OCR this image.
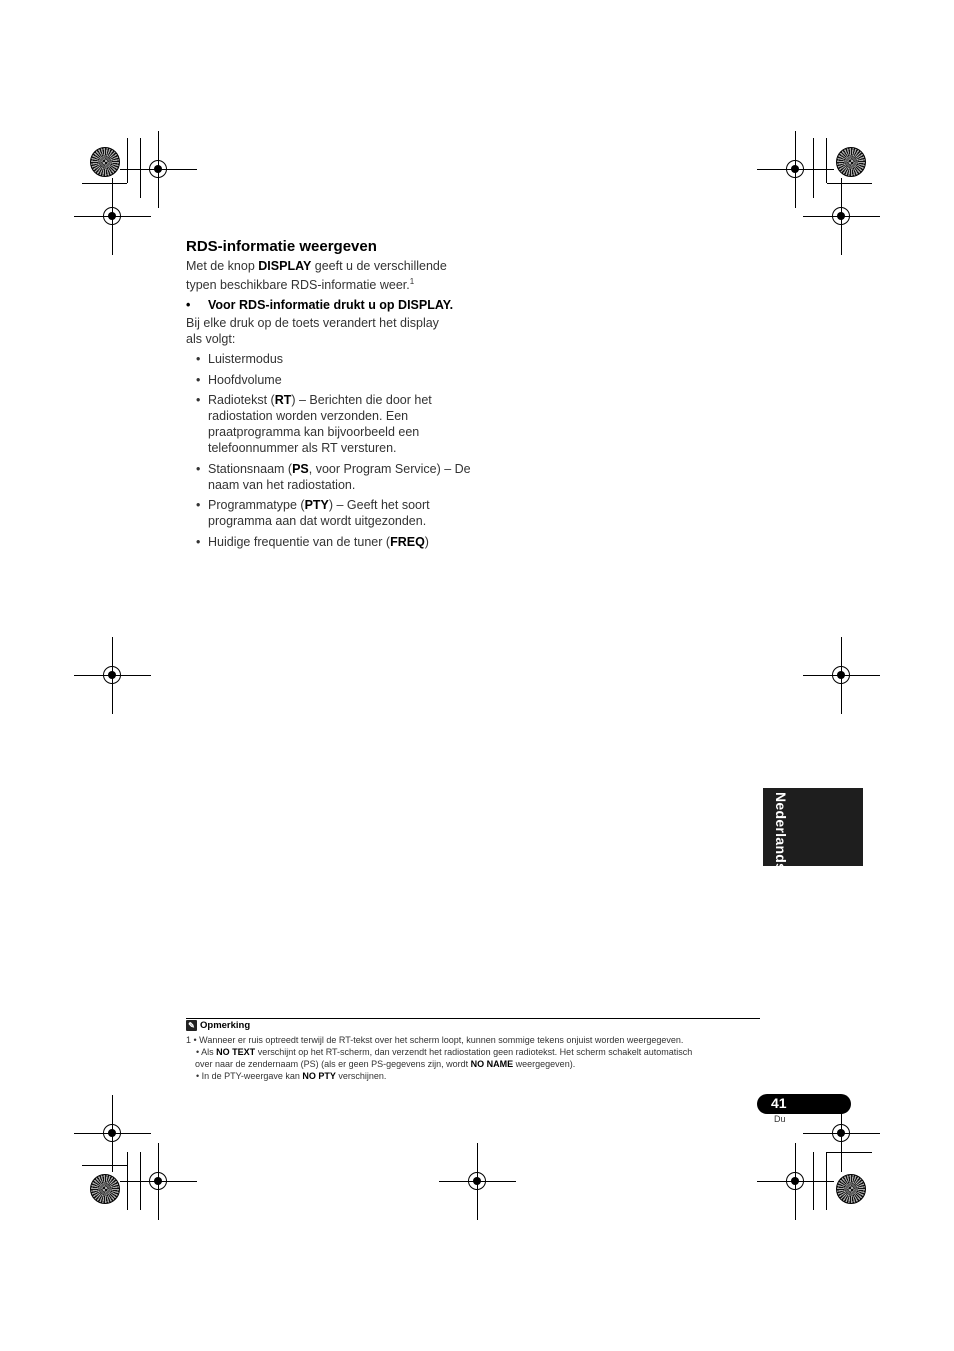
RDS-informatie weergeven

Met de knop DISPLAY geeft u de verschillende
typen beschikbare RDS-informatie weer.$^1$

• Voor RDS-informatie drukt u op DISPLAY.

Bij elke druk op de toets verandert het display
als volgt:

• Luistermodus
• Hoofdvolume
• Radiotekst (RT) – Berichten die door het radiostation worden verzonden. Een praatprogramma kan bijvoorbeeld een telefoonnummer als RT versturen.
• Stationsnaam (PS, voor Program Service) – De naam van het radiostation.
• Programmatype (PTY) – Geeft het soort programma aan dat wordt uitgezonden.
• Huidige frequentie van de tuner (FREQ)
Nederlands
✎ Opmerking
1 • Wanneer er ruis optreedt terwijl de RT-tekst over het scherm loopt, kunnen sommige tekens onjuist worden weergegeven.
• Als NO TEXT verschijnt op het RT-scherm, dan verzendt het radiostation geen radiotekst. Het scherm schakelt automatisch
over naar de zendernaam (PS) (als er geen PS-gegevens zijn, wordt NO NAME weergegeven).
• In de PTY-weergave kan NO PTY verschijnen.
41
Du
